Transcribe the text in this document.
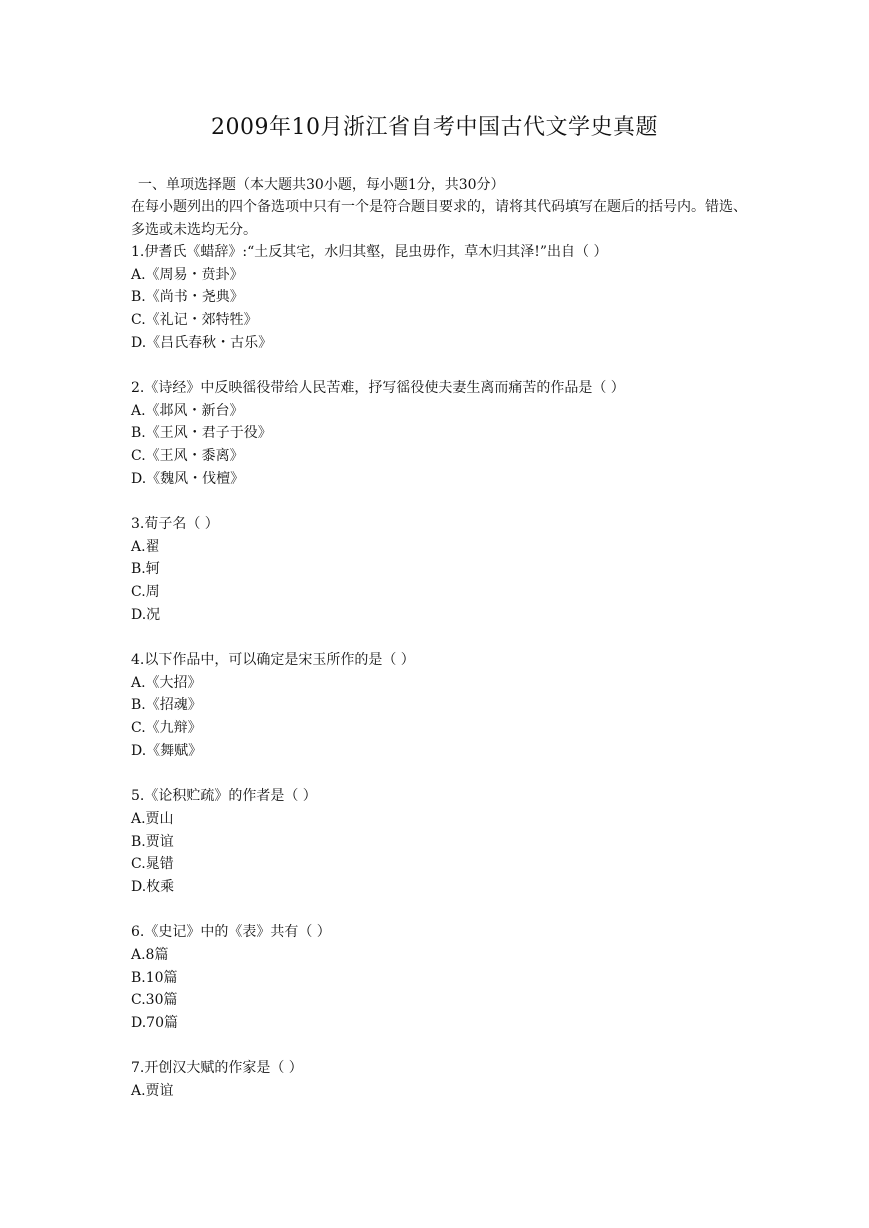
2009年10月浙江省自考中国古代文学史真题
一、单项选择题（本大题共30小题，每小题1分，共30分）
在每小题列出的四个备选项中只有一个是符合题目要求的，请将其代码填写在题后的括号内。错选、多选或未选均无分。
1.伊耆氏《蜡辞》:“土反其宅，水归其壑，昆虫毋作，草木归其泽!”出自（ ）
A.《周易・贲卦》
B.《尚书・尧典》
C.《礼记・郊特牲》
D.《吕氏春秋・古乐》
2.《诗经》中反映徭役带给人民苦难，抒写徭役使夫妻生离而痛苦的作品是（ ）
A.《邶风・新台》
B.《王风・君子于役》
C.《王风・黍离》
D.《魏风・伐檀》
3.荀子名（ ）
A.翟
B.轲
C.周
D.况
4.以下作品中，可以确定是宋玉所作的是（ ）
A.《大招》
B.《招魂》
C.《九辩》
D.《舞赋》
5.《论积贮疏》的作者是（ ）
A.贾山
B.贾谊
C.晁错
D.枚乘
6.《史记》中的《表》共有（ ）
A.8篇
B.10篇
C.30篇
D.70篇
7.开创汉大赋的作家是（ ）
A.贾谊
